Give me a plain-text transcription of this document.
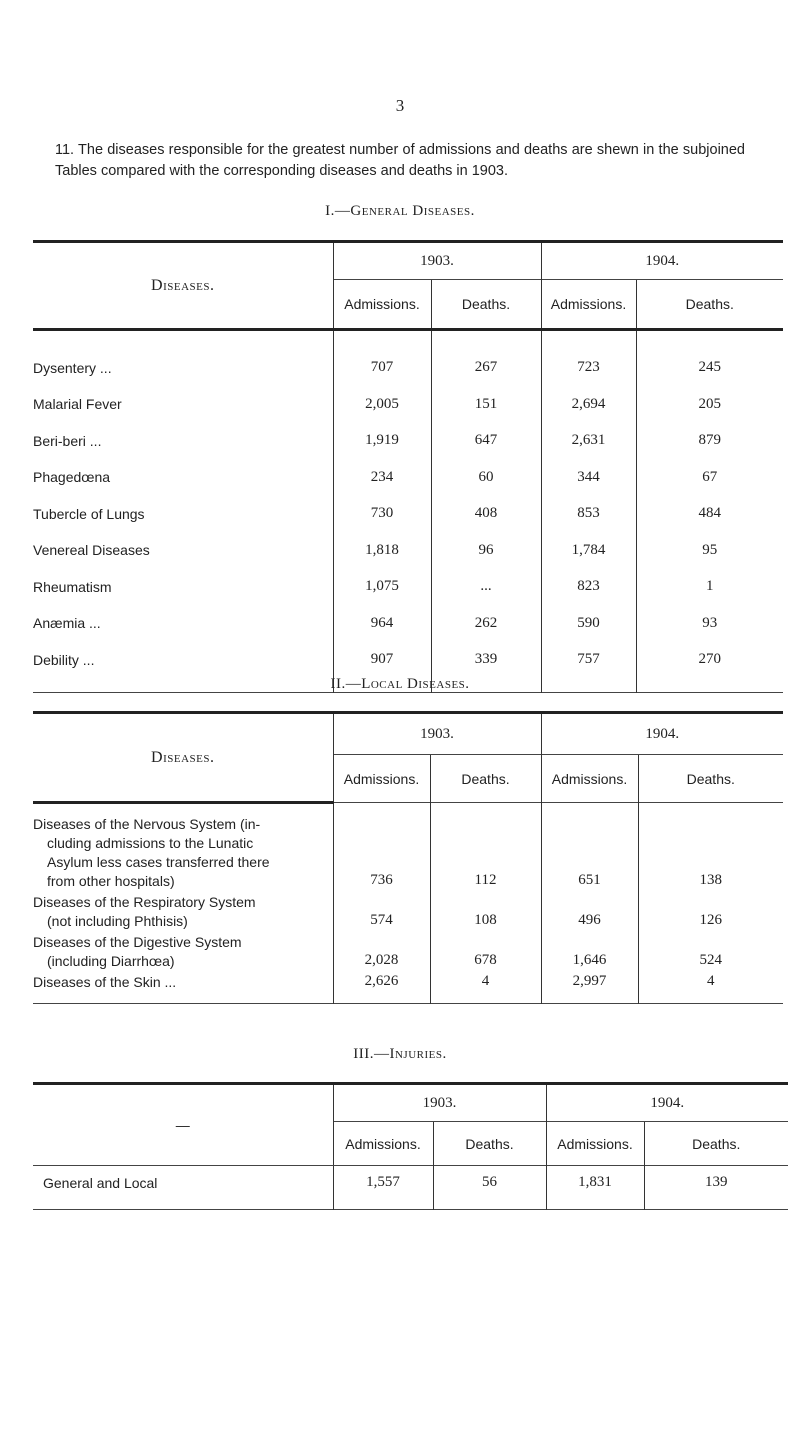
3
11. The diseases responsible for the greatest number of admissions and deaths are shewn in the subjoined Tables compared with the corresponding diseases and deaths in 1903.
I.—General Diseases.
Diseases.	1903.		1904.	
	Admissions.	Deaths.	Admissions.	Deaths.

Dysentery ...	707	267	723	245
Malarial Fever	2,005	151	2,694	205
Beri-beri ...	1,919	647	2,631	879
Phagedœna	234	60	344	67
Tubercle of Lungs	730	408	853	484
Venereal Diseases	1,818	96	1,784	95
Rheumatism	1,075	...	823	1
Anæmia ...	964	262	590	93
Debility ...	907	339	757	270

II.—Local Diseases.
Diseases.	1903.		1904.	
	Admissions.	Deaths.	Admissions.	Deaths.

Diseases of the Nervous System (in-
cluding admissions to the Lunatic
Asylum less cases transferred there
from other hospitals)	736	112	651	138

Diseases of the Respiratory System
(not including Phthisis)	574	108	496	126

Diseases of the Digestive System
(including Diarrhœa)	2,028	678	1,646	524

Diseases of the Skin ...	2,626	4	2,997	4

III.—Injuries.
—	1903.		1904.	
	Admissions.	Deaths.	Admissions.	Deaths.
General and Local	1,557	56	1,831	139
